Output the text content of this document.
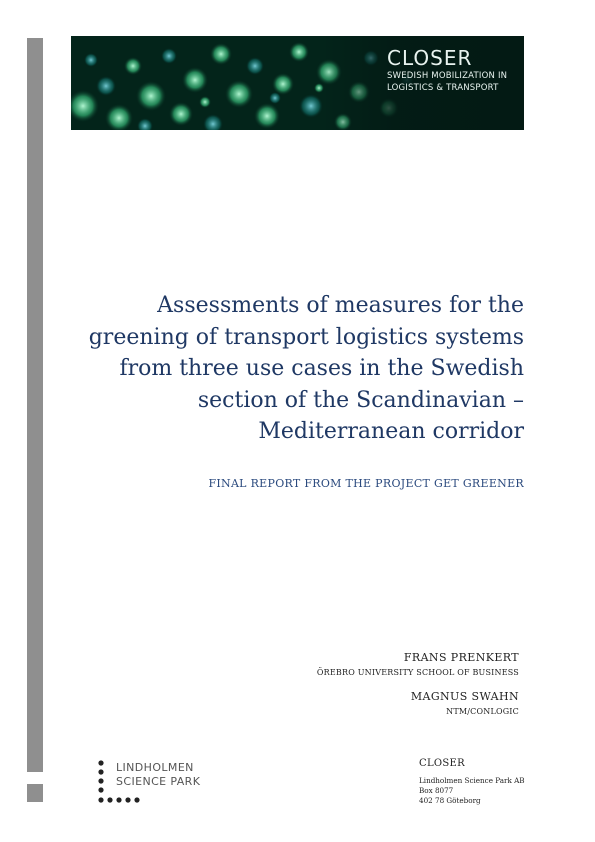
CLOSER
SWEDISH MOBILIZATION IN
LOGISTICS & TRANSPORT
Assessments of measures for the
greening of transport logistics systems
from three use cases in the Swedish
section of the Scandinavian –
Mediterranean corridor
FINAL REPORT FROM THE PROJECT GET GREENER
FRANS PRENKERT
ÖREBRO UNIVERSITY SCHOOL OF BUSINESS
MAGNUS SWAHN
NTM/CONLOGIC
LINDHOLMEN
SCIENCE PARK
CLOSER
Lindholmen Science Park AB
Box 8077
402 78 Göteborg
